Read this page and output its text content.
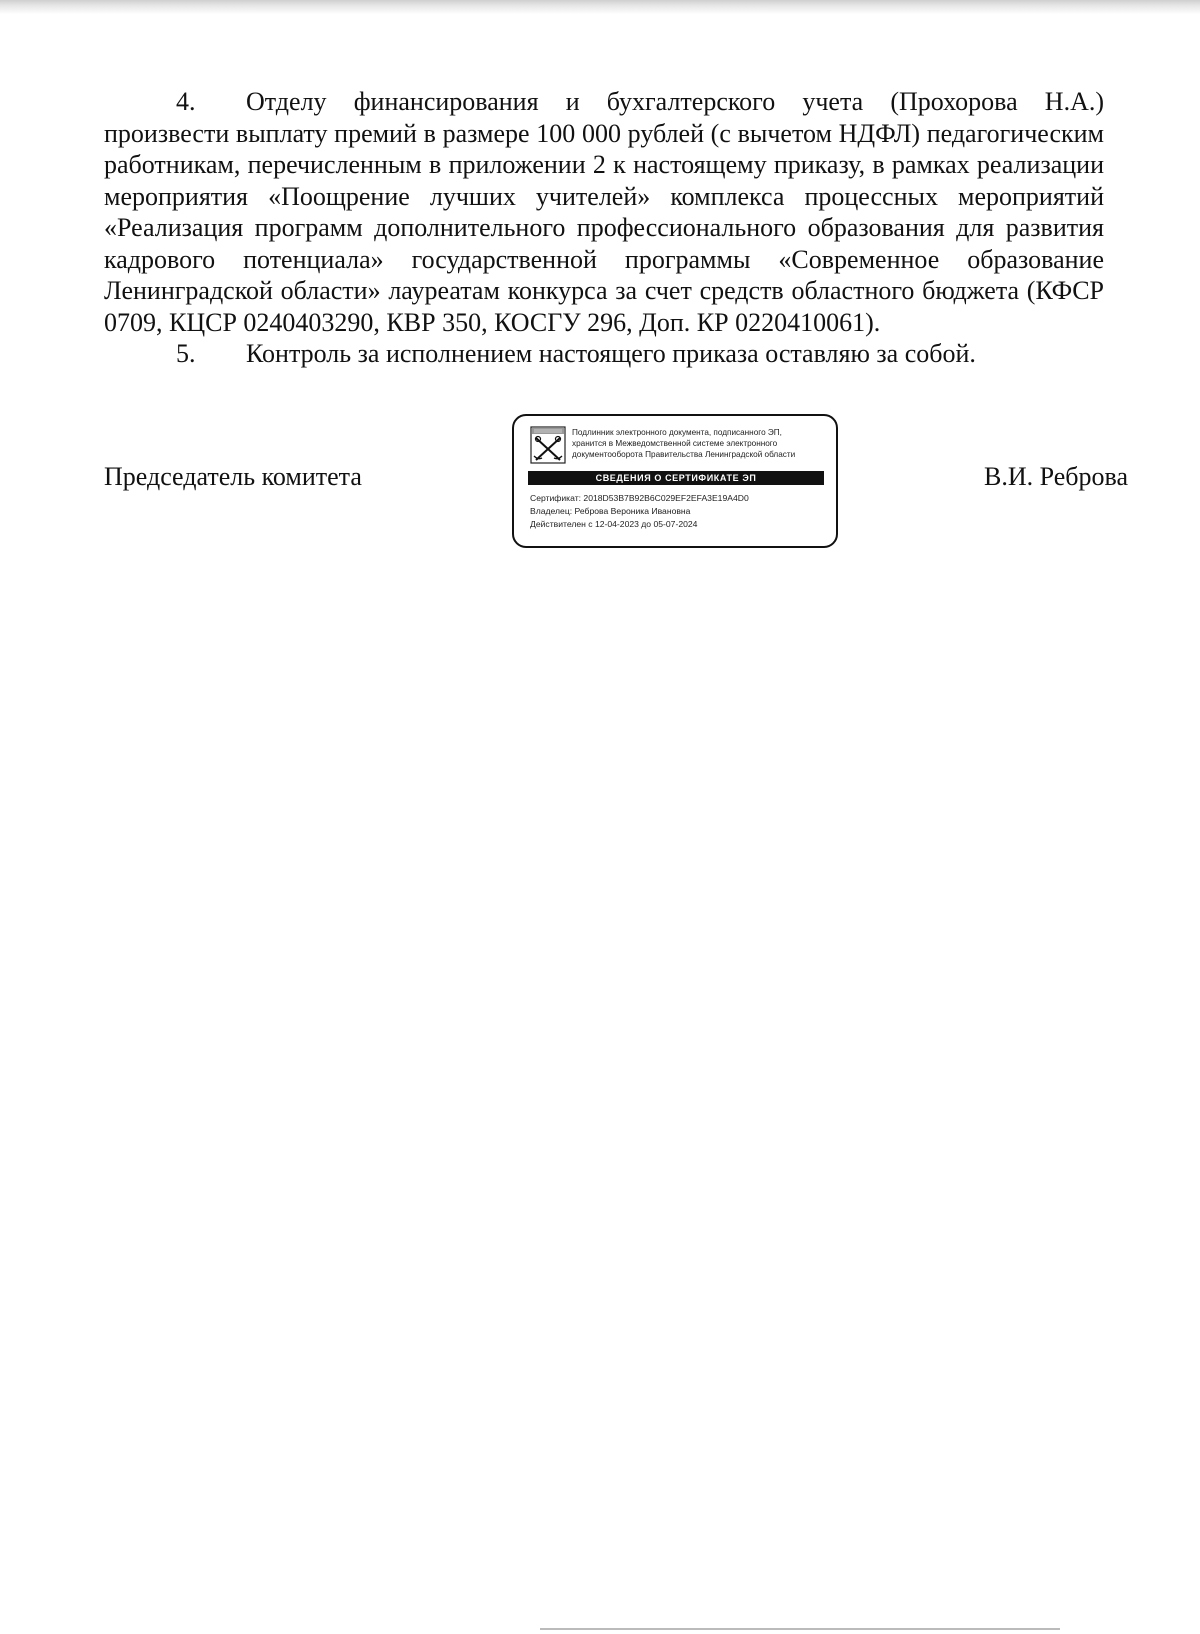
4. Отделу финансирования и бухгалтерского учета (Прохорова Н.А.) произвести выплату премий в размере 100 000 рублей (с вычетом НДФЛ) педагогическим работникам, перечисленным в приложении 2 к настоящему приказу, в рамках реализации мероприятия «Поощрение лучших учителей» комплекса процессных мероприятий «Реализация программ дополнительного профессионального образования для развития кадрового потенциала» государственной программы «Современное образование Ленинградской области» лауреатам конкурса за счет средств областного бюджета (КФСР 0709, КЦСР 0240403290, КВР 350, КОСГУ 296, Доп. КР 0220410061).

5. Контроль за исполнением настоящего приказа оставляю за собой.

Председатель комитета
Подлинник электронного документа, подписанного ЭП,
хранится в Межведомственной системе электронного
документооборота Правительства Ленинградской области
СВЕДЕНИЯ О СЕРТИФИКАТЕ ЭП
Сертификат: 2018D53B7B92B6C029EF2EFA3E19A4D0
Владелец: Реброва Вероника Ивановна
Действителен с 12-04-2023 до 05-07-2024
В.И. Реброва
